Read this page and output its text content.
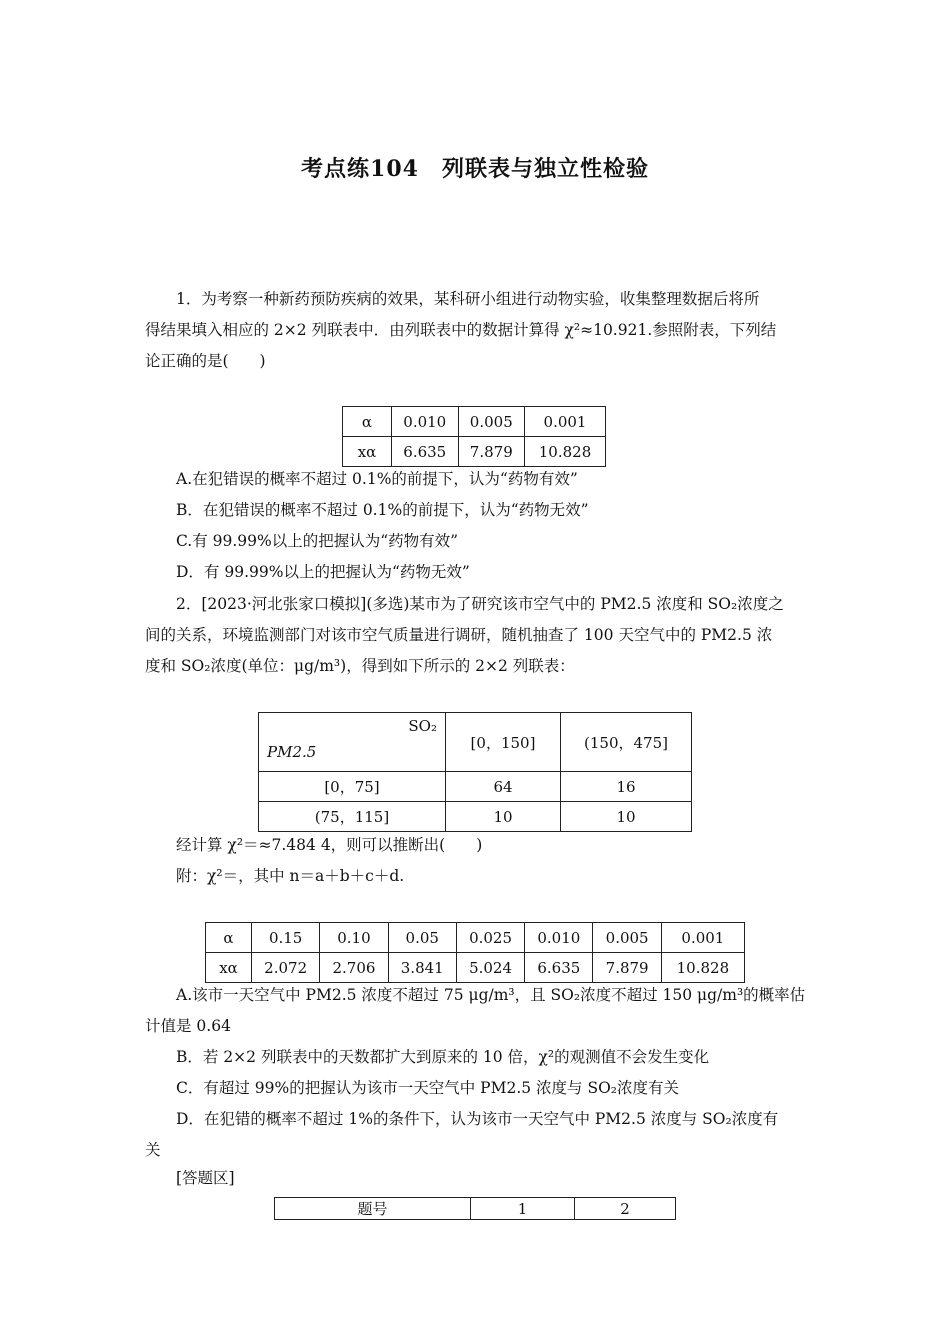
考点练104　列联表与独立性检验
1．为考察一种新药预防疾病的效果，某科研小组进行动物实验，收集整理数据后将所
得结果填入相应的 2×2 列联表中．由列联表中的数据计算得 χ²≈10.921.参照附表，下列结
论正确的是(　　)
α	0.010	0.005	0.001
xα	6.635	7.879	10.828
A.在犯错误的概率不超过 0.1%的前提下，认为“药物有效”
B．在犯错误的概率不超过 0.1%的前提下，认为“药物无效”
C.有 99.99%以上的把握认为“药物有效”
D．有 99.99%以上的把握认为“药物无效”
2．[2023·河北张家口模拟](多选)某市为了研究该市空气中的 PM2.5 浓度和 SO₂浓度之
间的关系，环境监测部门对该市空气质量进行调研，随机抽查了 100 天空气中的 PM2.5 浓
度和 SO₂浓度(单位：μg/m³)，得到如下所示的 2×2 列联表：
SO₂
PM2.5	[0，150]	(150，475]
[0，75]	64	16
(75，115]	10	10
经计算 χ²＝≈7.484 4，则可以推断出(　　)
附：χ²＝，其中 n＝a＋b＋c＋d.
α	0.15	0.10	0.05	0.025	0.010	0.005	0.001
xα	2.072	2.706	3.841	5.024	6.635	7.879	10.828
A.该市一天空气中 PM2.5 浓度不超过 75 μg/m³，且 SO₂浓度不超过 150 μg/m³的概率估
计值是 0.64
B．若 2×2 列联表中的天数都扩大到原来的 10 倍，χ²的观测值不会发生变化
C．有超过 99%的把握认为该市一天空气中 PM2.5 浓度与 SO₂浓度有关
D．在犯错的概率不超过 1%的条件下，认为该市一天空气中 PM2.5 浓度与 SO₂浓度有
关
[答题区]
题号	1	2
